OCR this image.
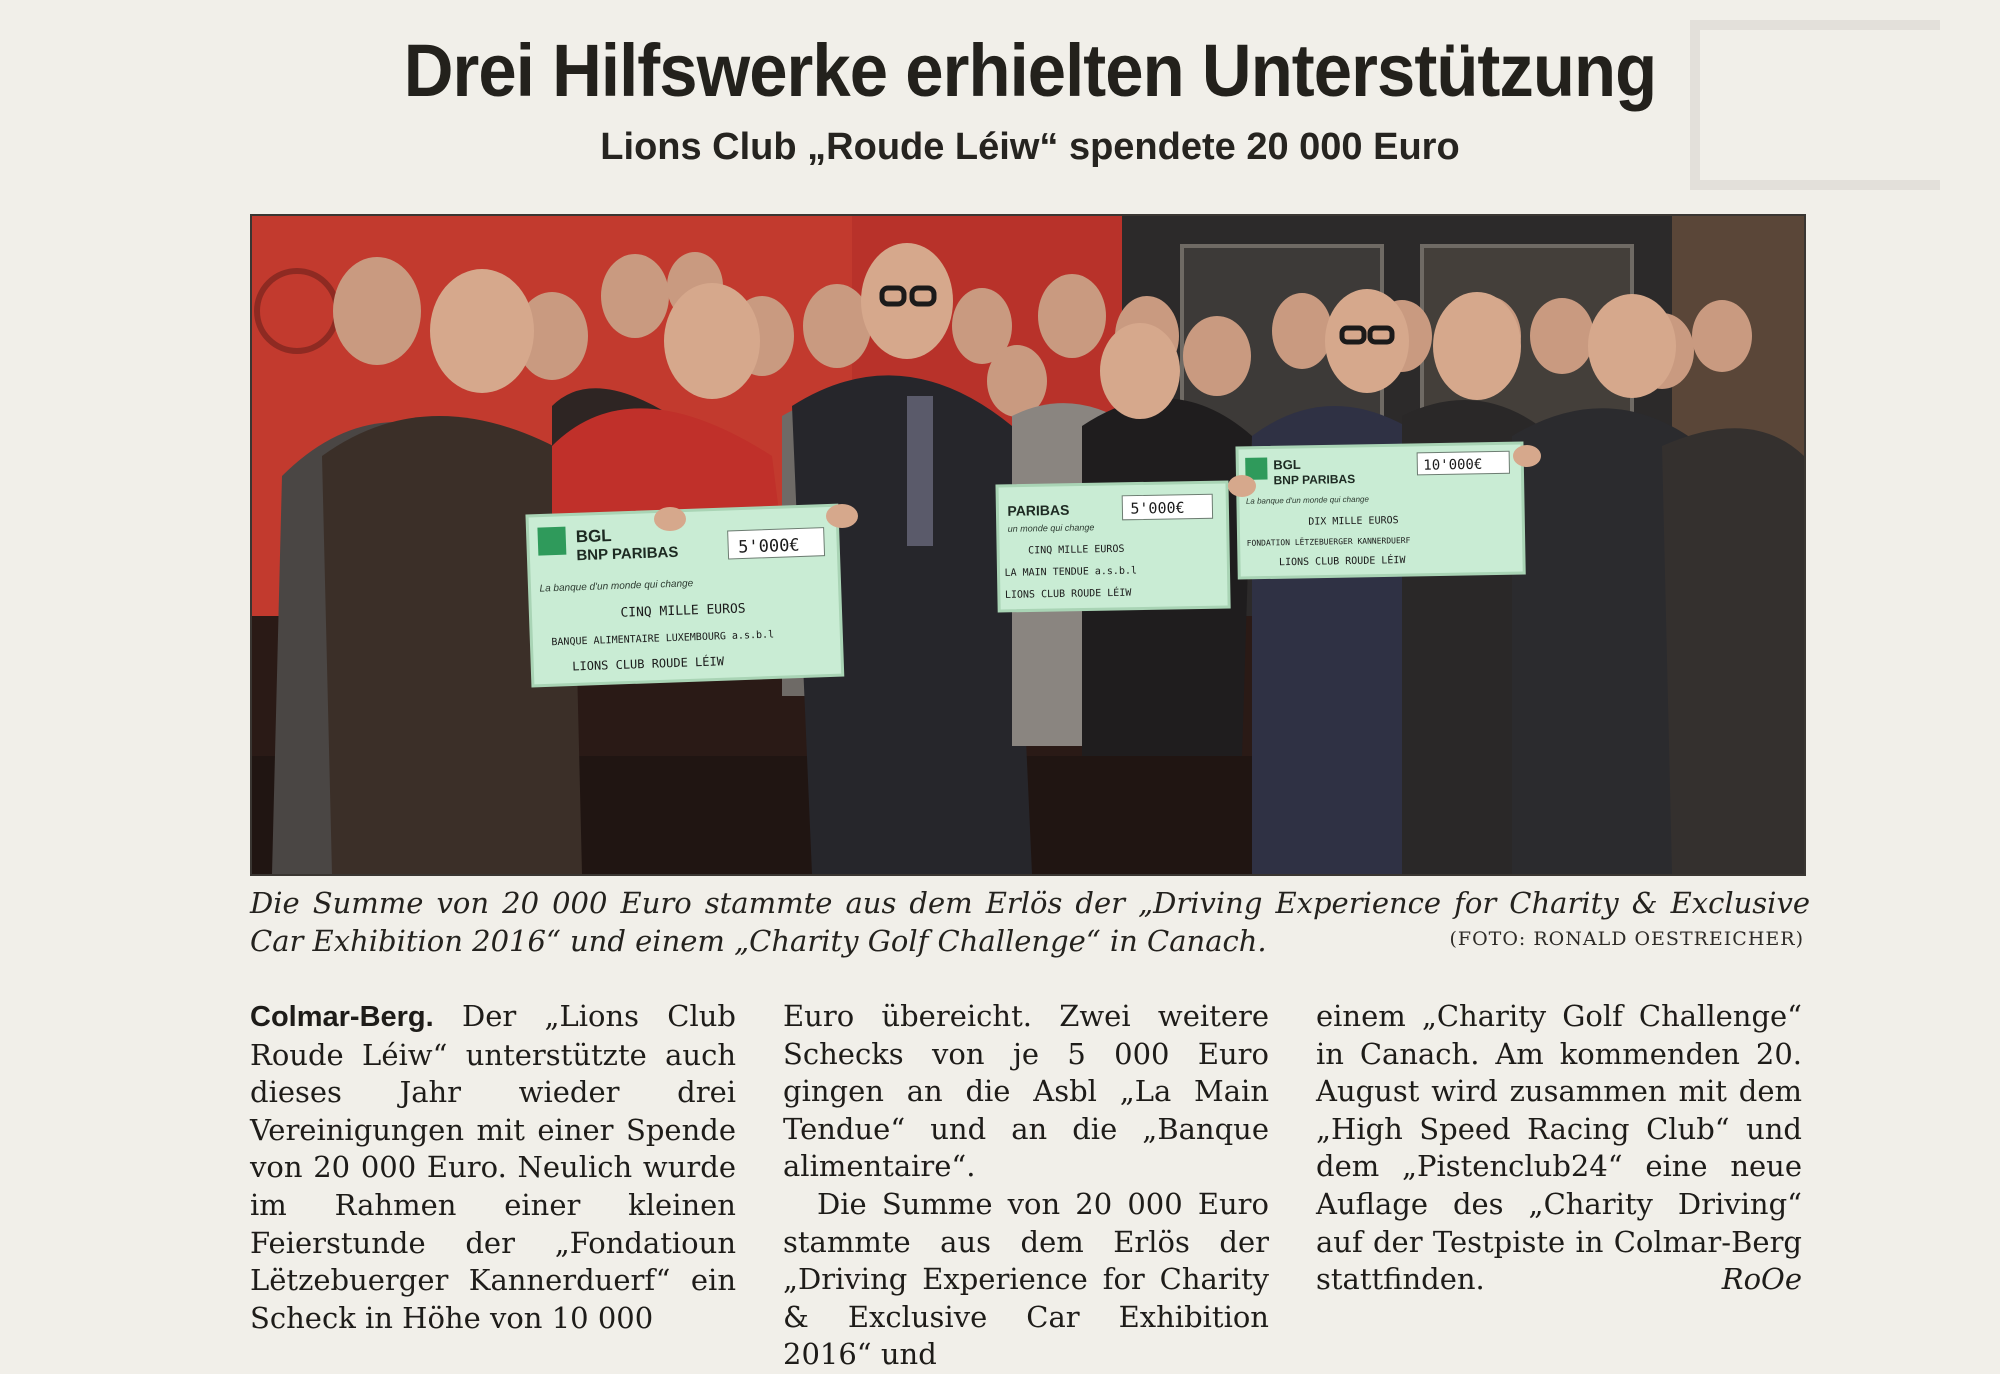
Drei Hilfswerke erhielten Unterstützung
Lions Club „Roude Léiw“ spendete 20 000 Euro
BGL
BNP PARIBAS
La banque d'un monde qui change
5'000€
CINQ MILLE EUROS
BANQUE ALIMENTAIRE LUXEMBOURG a.s.b.l
LIONS CLUB ROUDE LÉIW
PARIBAS
un monde qui change
5'000€
CINQ MILLE EUROS
LA MAIN TENDUE a.s.b.l
LIONS CLUB ROUDE LÉIW
BGL
BNP PARIBAS
La banque d'un monde qui change
10'000€
DIX MILLE EUROS
FONDATION LËTZEBUERGER KANNERDUERF
LIONS CLUB ROUDE LÉIW

Die Summe von 20 000 Euro stammte aus dem Erlös der „Driving Experience for Charity & Exclusive Car Exhibition 2016“ und einem „Charity Golf Challenge“ in Canach.	(FOTO: RONALD OESTREICHER)

Colmar-Berg. Der „Lions Club Roude Léiw“ unterstützte auch dieses Jahr wieder drei Vereinigungen mit einer Spende von 20 000 Euro. Neulich wurde im Rahmen einer kleinen Feierstunde der „Fondatioun Lëtzebuerger Kannerduerf“ ein Scheck in Höhe von 10 000

Euro übereicht. Zwei weitere Schecks von je 5 000 Euro gingen an die Asbl „La Main Tendue“ und an die „Banque alimentaire“.

Die Summe von 20 000 Euro stammte aus dem Erlös der „Driving Experience for Charity & Exclusive Car Exhibition 2016“ und

einem „Charity Golf Challenge“ in Canach. Am kommenden 20. August wird zusammen mit dem „High Speed Racing Club“ und dem „Pistenclub24“ eine neue Auflage des „Charity Driving“ auf der Testpiste in Colmar-Berg stattfinden.	RoOe
